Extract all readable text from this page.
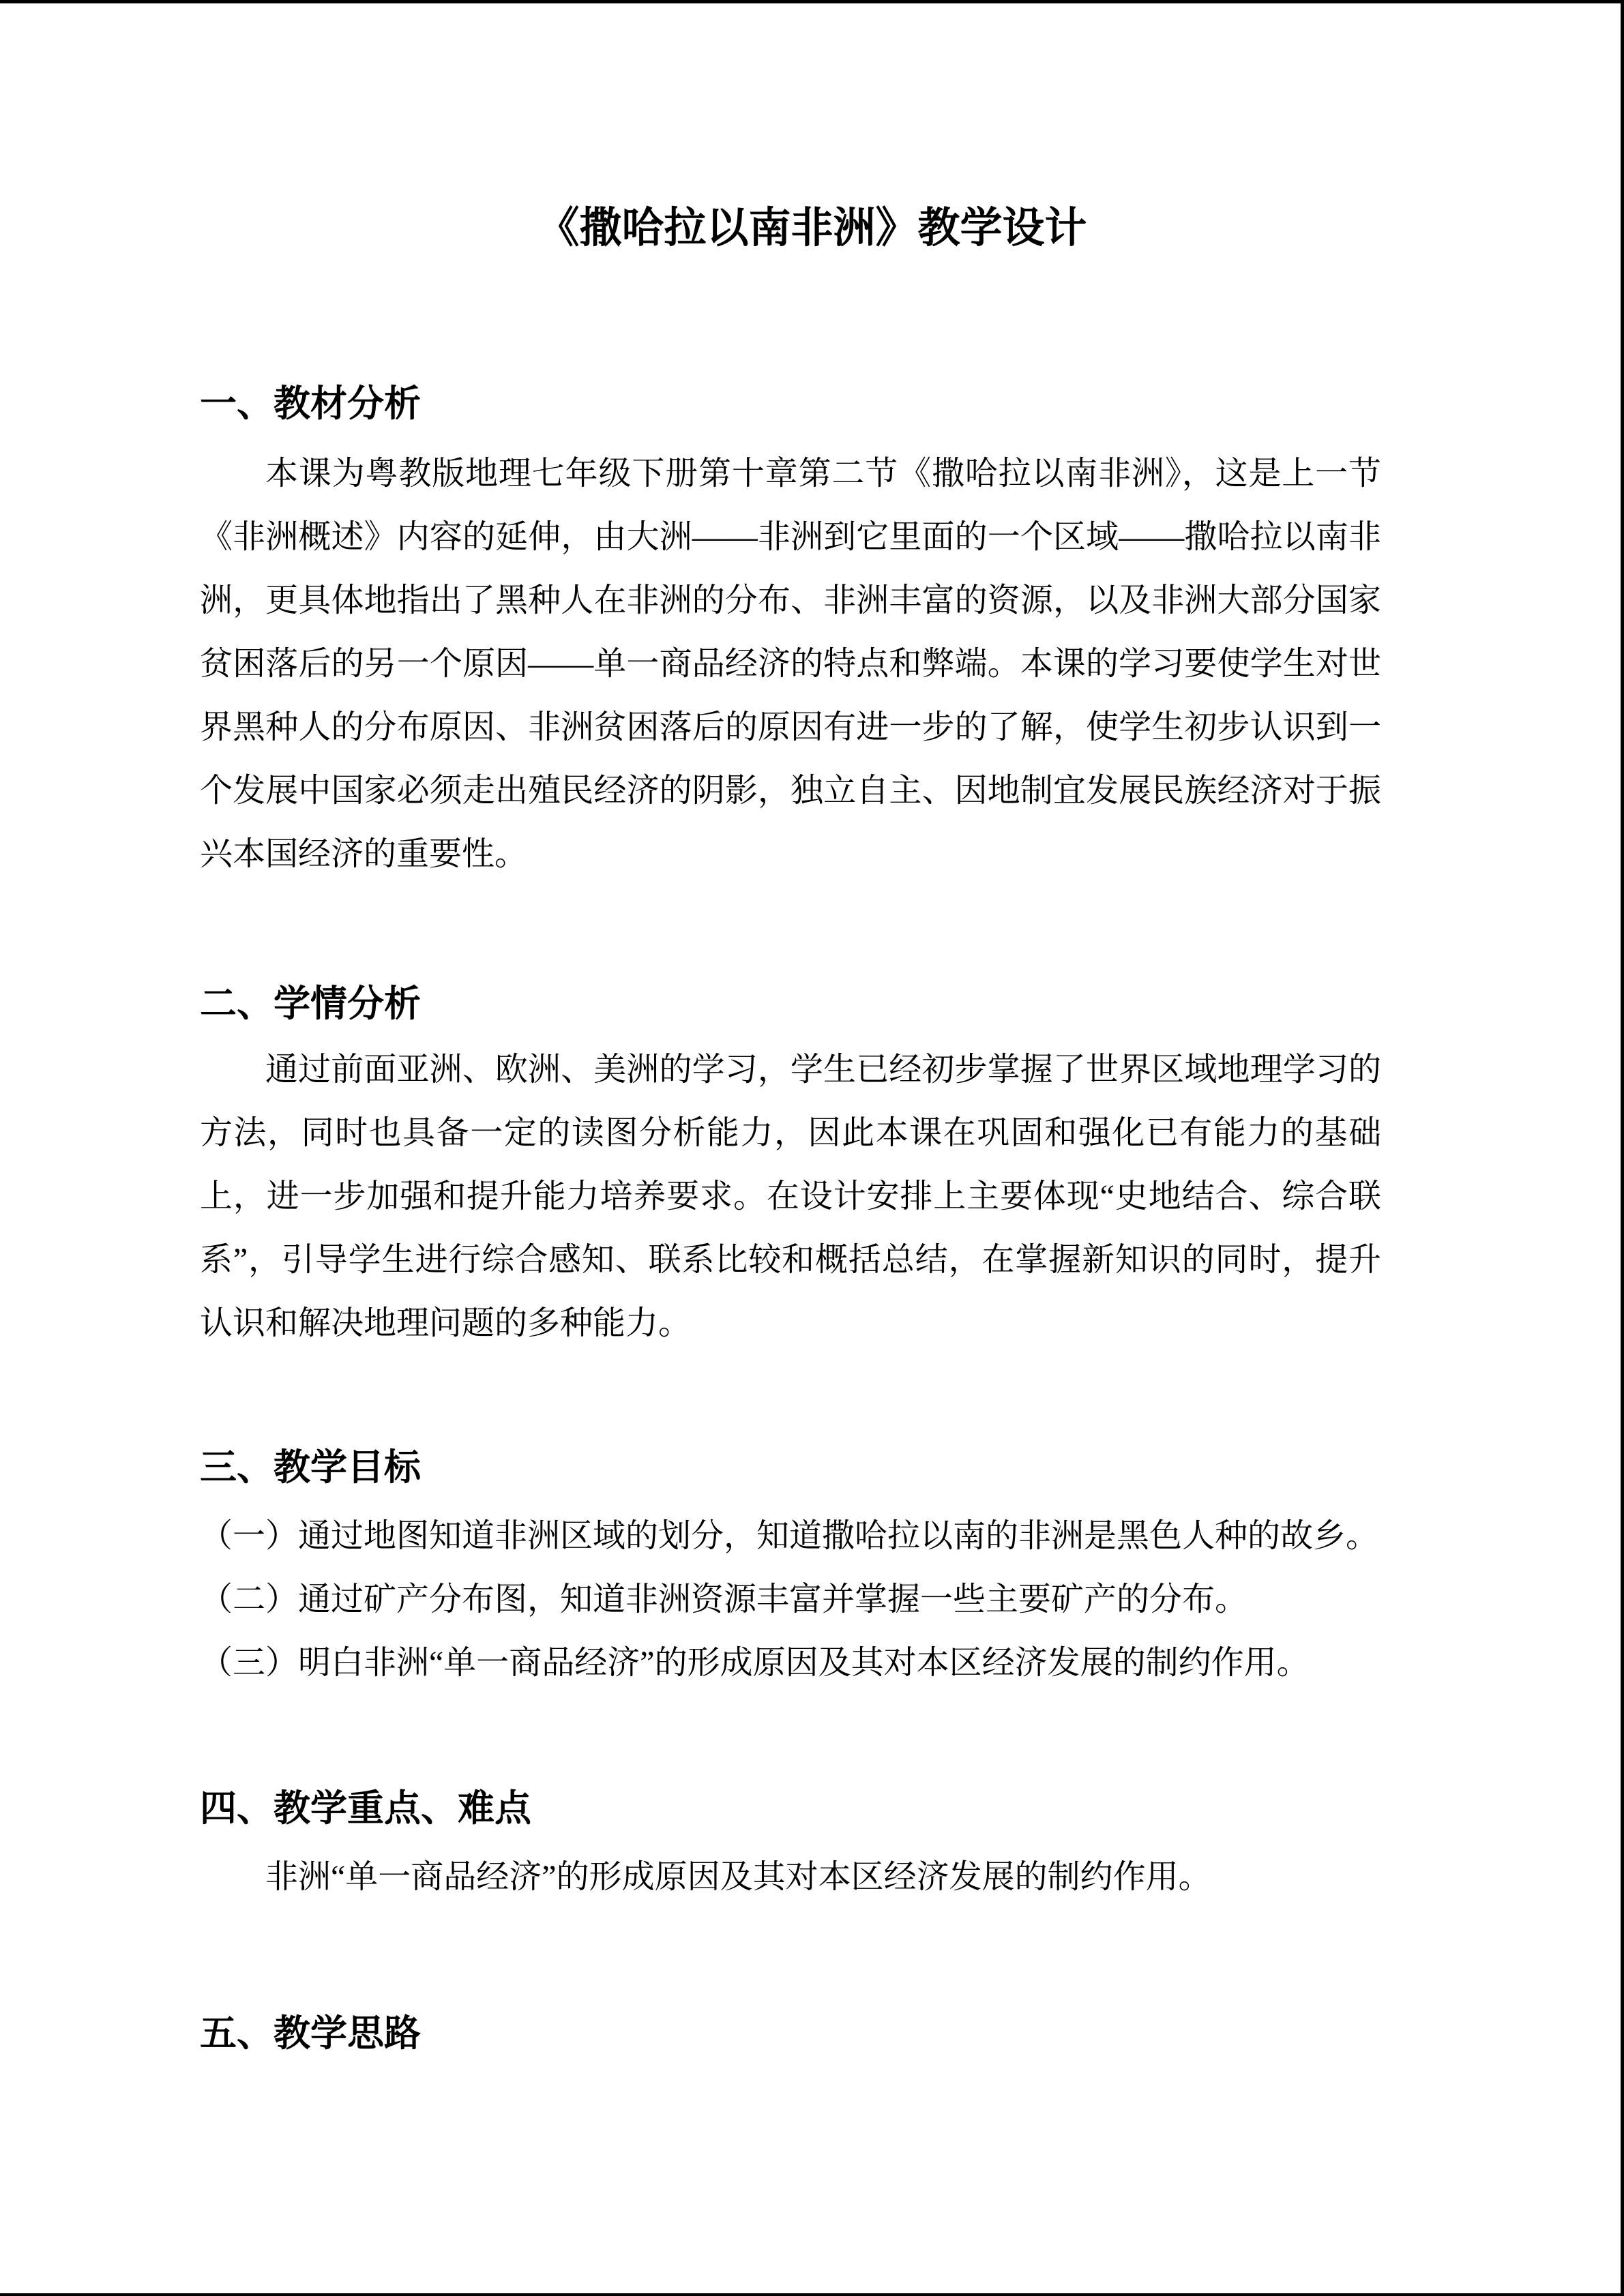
《撒哈拉以南非洲》教学设计
一、教材分析
本课为粤教版地理七年级下册第十章第二节《撒哈拉以南非洲》，这是上一节
《非洲概述》内容的延伸，由大洲——非洲到它里面的一个区域——撒哈拉以南非
洲，更具体地指出了黑种人在非洲的分布、非洲丰富的资源，以及非洲大部分国家
贫困落后的另一个原因——单一商品经济的特点和弊端。本课的学习要使学生对世
界黑种人的分布原因、非洲贫困落后的原因有进一步的了解，使学生初步认识到一
个发展中国家必须走出殖民经济的阴影，独立自主、因地制宜发展民族经济对于振
兴本国经济的重要性。
二、学情分析
通过前面亚洲、欧洲、美洲的学习，学生已经初步掌握了世界区域地理学习的
方法，同时也具备一定的读图分析能力，因此本课在巩固和强化已有能力的基础
上，进一步加强和提升能力培养要求。在设计安排上主要体现“史地结合、综合联
系”，引导学生进行综合感知、联系比较和概括总结，在掌握新知识的同时，提升
认识和解决地理问题的多种能力。
三、教学目标
（一）通过地图知道非洲区域的划分，知道撒哈拉以南的非洲是黑色人种的故乡。
（二）通过矿产分布图，知道非洲资源丰富并掌握一些主要矿产的分布。
（三）明白非洲“单一商品经济”的形成原因及其对本区经济发展的制约作用。
四、教学重点、难点
非洲“单一商品经济”的形成原因及其对本区经济发展的制约作用。
五、教学思路
